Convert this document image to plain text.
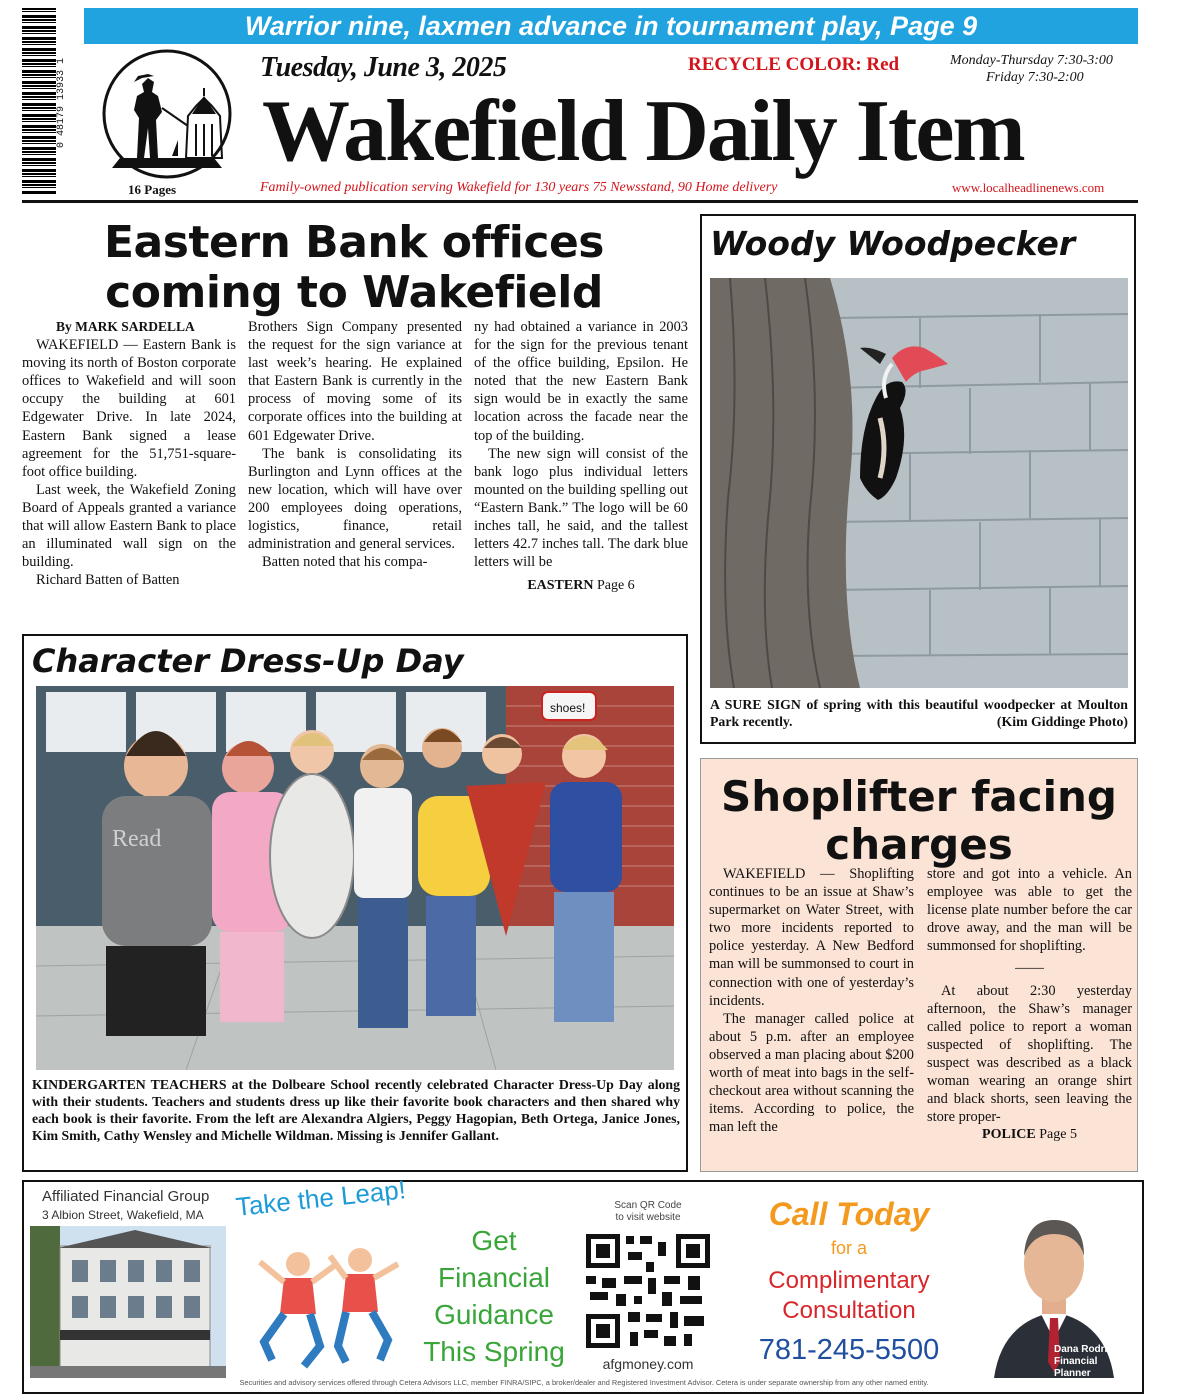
Warrior nine, laxmen advance in tournament play, Page 9
0 48179 13933 1
16 Pages
Tuesday, June 3, 2025	RECYCLE COLOR: Red	Monday-Thursday 7:30-3:00
Friday 7:30-2:00
Wakefield Daily Item
Family-owned publication serving Wakefield for 130 years 75 Newsstand, 90 Home delivery	www.localheadlinenews.com
Eastern Bank offices
coming to Wakefield
By MARK SARDELLA

WAKEFIELD — Eastern Bank is moving its north of Boston corporate offices to Wakefield and will soon occupy the building at 601 Edgewater Drive. In late 2024, Eastern Bank signed a lease agreement for the 51,751-square-foot office building.

Last week, the Wakefield Zoning Board of Appeals granted a variance that will allow Eastern Bank to place an illuminated wall sign on the building.

Richard Batten of Batten

Brothers Sign Company presented the request for the sign variance at last week’s hearing. He explained that Eastern Bank is currently in the process of moving some of its corporate offices into the building at 601 Edgewater Drive.

The bank is consolidating its Burlington and Lynn offices at the new location, which will have over 200 employees doing operations, logistics, finance, retail administration and general services.

Batten noted that his compa-

ny had obtained a variance in 2003 for the sign for the previous tenant of the office building, Epsilon. He noted that the new Eastern Bank sign would be in exactly the same location across the facade near the top of the building.

The new sign will consist of the bank logo plus individual letters mounted on the building spelling out “Eastern Bank.” The logo will be 60 inches tall, he said, and the tallest letters 42.7 inches tall. The dark blue letters will be

EASTERN Page 6
Woody Woodpecker
A SURE SIGN of spring with this beautiful woodpecker at Moulton Park recently.	(Kim Giddinge Photo)
Character Dress-Up Day
shoes!
Read
KINDERGARTEN TEACHERS at the Dolbeare School recently celebrated Character Dress-Up Day along with their students. Teachers and students dress up like their favorite book characters and then shared why each book is their favorite. From the left are Alexandra Algiers, Peggy Hagopian, Beth Ortega, Janice Jones, Kim Smith, Cathy Wensley and Michelle Wildman. Missing is Jennifer Gallant.
Shoplifter facing
charges

WAKEFIELD — Shoplifting continues to be an issue at Shaw’s supermarket on Water Street, with two more incidents reported to police yesterday. A New Bedford man will be summonsed to court in connection with one of yesterday’s incidents.

The manager called police at about 5 p.m. after an employee observed a man placing about $200 worth of meat into bags in the self-checkout area without scanning the items. According to police, the man left the

store and got into a vehicle. An employee was able to get the license plate number before the car drove away, and the man will be summonsed for shoplifting.

——

At about 2:30 yesterday afternoon, the Shaw’s manager called police to report a woman suspected of shoplifting. The suspect was described as a black woman wearing an orange shirt and black shorts, seen leaving the store proper-

POLICE Page 5
Affiliated Financial Group
3 Albion Street, Wakefield, MA Take the Leap!
Get
Financial
Guidance
This Spring
Scan QR Code
to visit website
afgmoney.com
Call Today
for a
Complimentary
Consultation
781-245-5500	Dana Rodrigues
Financial Planner
Securities and advisory services offered through Cetera Advisors LLC, member FINRA/SIPC, a broker/dealer and Registered Investment Advisor. Cetera is under separate ownership from any other named entity.
